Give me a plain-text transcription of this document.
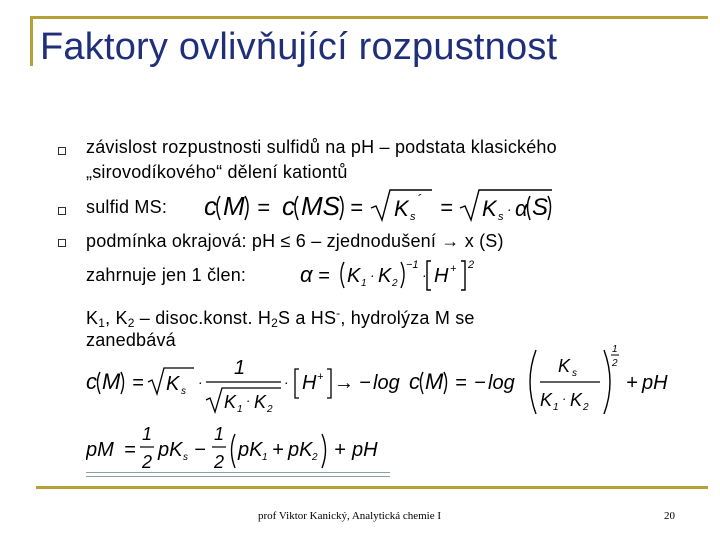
Faktory ovlivňující rozpustnost
závislost rozpustnosti sulfidů na pH – podstata klasického
„sirovodíkového“ dělení kationtů
sulfid MS: c M = c MS = K s
´ = K s · α S
podmínka okrajová: pH ≤ 6 – zjednodušení → x (S)
zahrnuje jen 1 člen: α = K 1
· K 2
−1
· H + 2
$K_1$, $K_2$ – disoc.konst. $H_2S$ a HS-, hydrolýza M se
zanedbává
c M = K s
·
1
K 1
· K 2
· H + → − log c M = − log
K s
K 1
· K 2
1
2
+ pH
pM =
1
2
pK s −
1
2
pK 1 + pK 2 + pH
prof Viktor Kanický, Analytická chemie I	20
